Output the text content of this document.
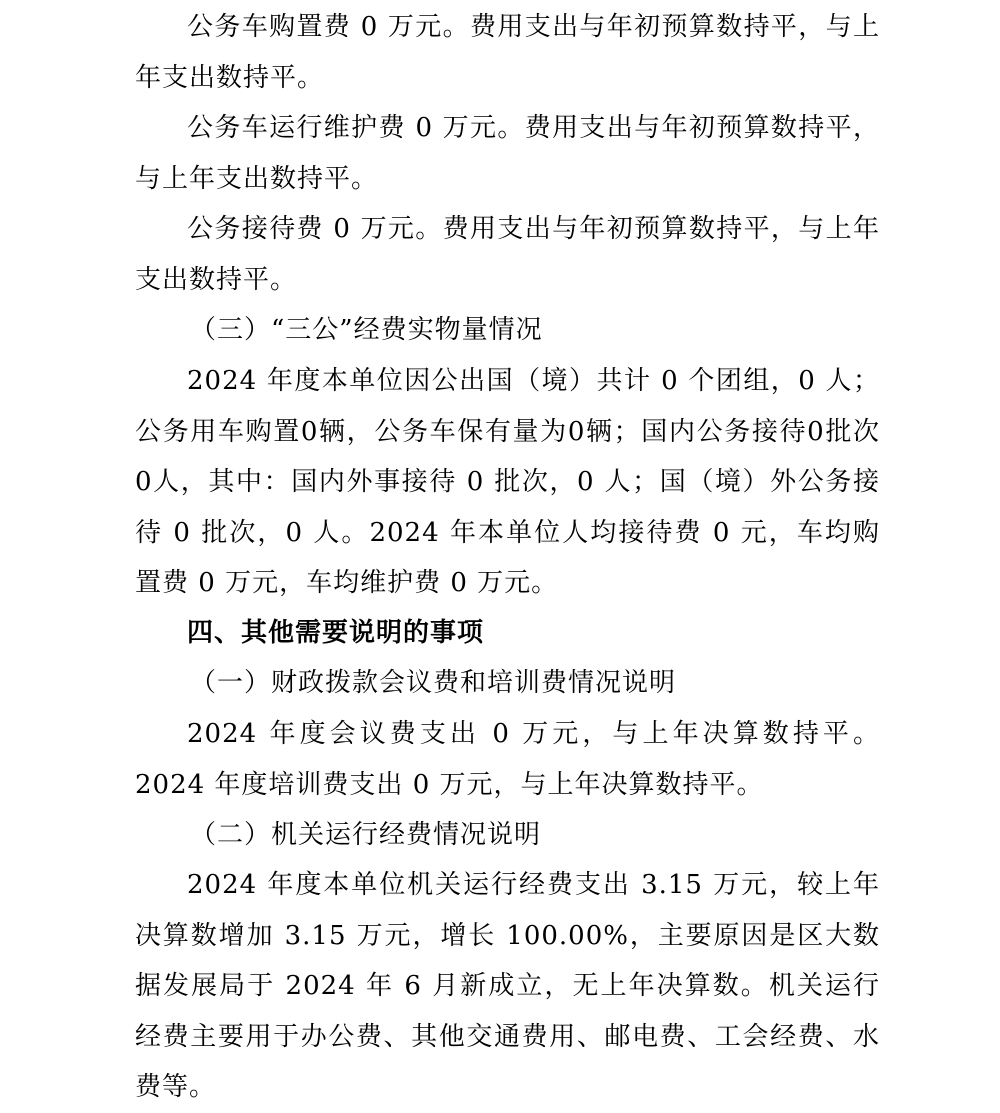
公务车购置费 0 万元。费用支出与年初预算数持平，与上年支出数持平。

公务车运行维护费 0 万元。费用支出与年初预算数持平，与上年支出数持平。

公务接待费 0 万元。费用支出与年初预算数持平，与上年支出数持平。

（三）“三公”经费实物量情况

2024 年度本单位因公出国（境）共计 0 个团组，0 人；公务用车购置0辆，公务车保有量为0辆；国内公务接待0批次0人，其中：国内外事接待 0 批次，0 人；国（境）外公务接待 0 批次，0 人。2024 年本单位人均接待费 0 元，车均购置费 0 万元，车均维护费 0 万元。

四、其他需要说明的事项

（一）财政拨款会议费和培训费情况说明

2024 年度会议费支出 0 万元，与上年决算数持平。2024 年度培训费支出 0 万元，与上年决算数持平。

（二）机关运行经费情况说明

2024 年度本单位机关运行经费支出 3.15 万元，较上年决算数增加 3.15 万元，增长 100.00%，主要原因是区大数据发展局于 2024 年 6 月新成立，无上年决算数。机关运行经费主要用于办公费、其他交通费用、邮电费、工会经费、水费等。
